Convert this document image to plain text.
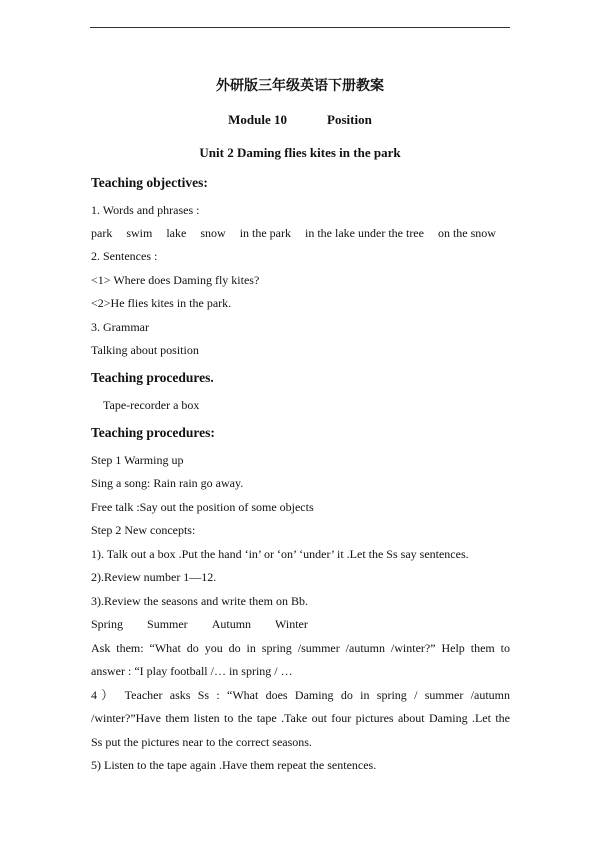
外研版三年级英语下册教案
Module 10	Position
Unit 2 Daming flies kites in the park
Teaching objectives:
1. Words and phrases :
park swim lake snow in the park in the lake under the tree on the snow
2. Sentences :
<1> Where does Daming fly kites?
<2>He flies kites in the park.
3. Grammar
Talking about position
Teaching procedures.
Tape-recorder a box
Teaching procedures:
Step 1 Warming up
Sing a song: Rain rain go away.
Free talk :Say out the position of some objects
Step 2 New concepts:
1). Talk out a box .Put the hand ‘in’ or ‘on’ ‘under’ it .Let the Ss say sentences.
2).Review number 1—12.
3).Review the seasons and write them on Bb.
Spring Summer Autumn Winter
Ask them: “What do you do in spring /summer /autumn /winter?” Help them to
answer : “I play football /… in spring / …
4） Teacher asks Ss : “What does Daming do in spring / summer /autumn
/winter?”Have them listen to the tape .Take out four pictures about Daming .Let the
Ss put the pictures near to the correct seasons.
5) Listen to the tape again .Have them repeat the sentences.
